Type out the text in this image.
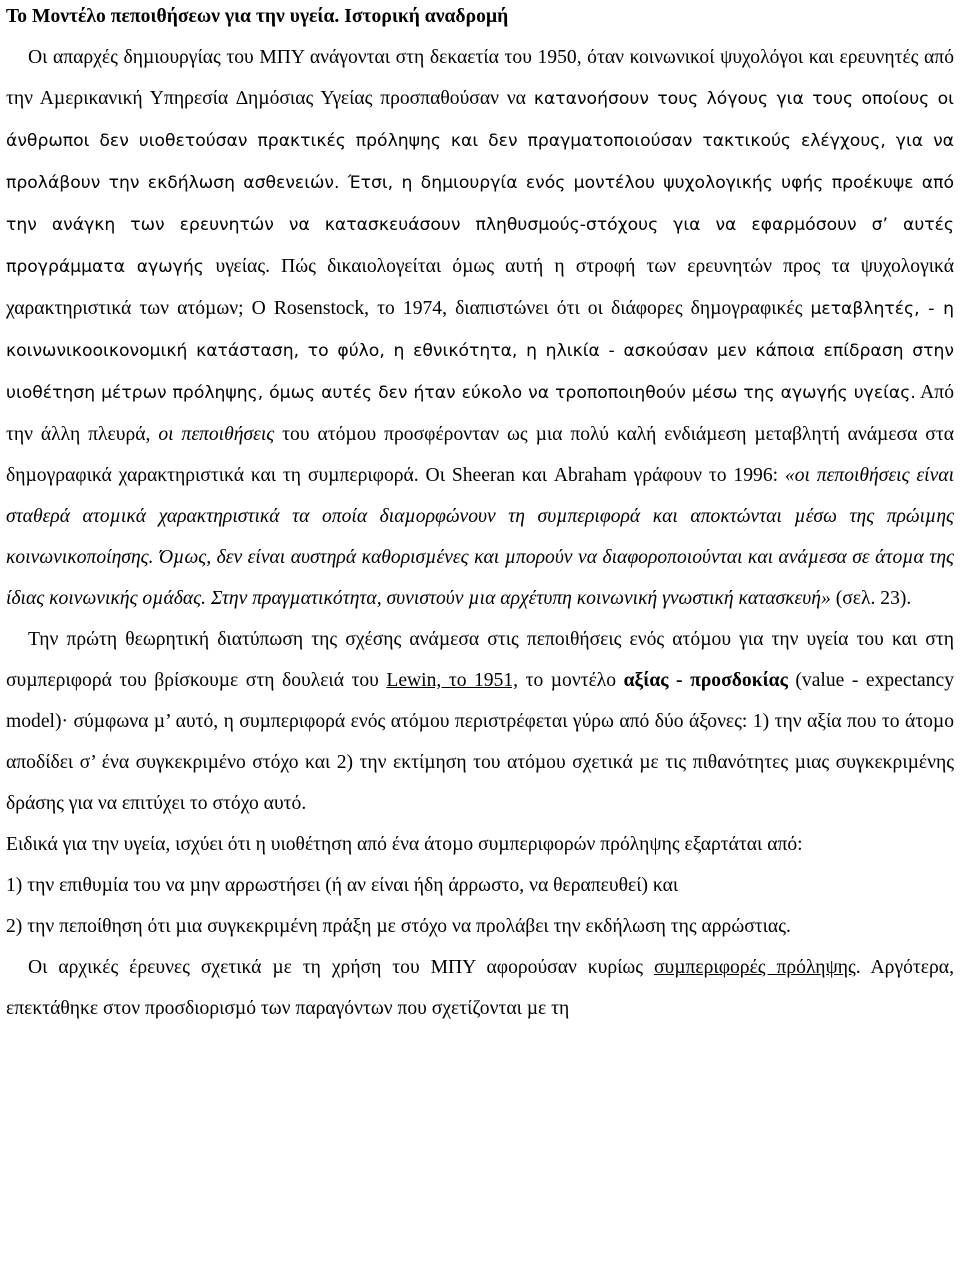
Το Μοντέλο πεποιθήσεων για την υγεία. Ιστορική αναδροµή

Οι απαρχές δηµιουργίας του ΜΠΥ ανάγονται στη δεκαετία του 1950, όταν κοινωνικοί ψυχολόγοι και ερευνητές από την Αµερικανική Υπηρεσία ∆ηµόσιας Υγείας προσπαθούσαν να κατανοήσουν τους λόγους για τους οποίους οι άνθρωποι δεν υιοθετούσαν πρακτικές πρόληψης και δεν πραγµατοποιούσαν τακτικούς ελέγχους, για να προλάβουν την εκδήλωση ασθενειών. Έτσι, η δηµιουργία ενός µοντέλου ψυχολογικής υφής προέκυψε από την ανάγκη των ερευνητών να κατασκευάσουν πληθυσµούς-στόχους για να εφαρµόσουν σ’ αυτές προγράµµατα αγωγής υγείας. Πώς δικαιολογείται όµως αυτή η στροφή των ερευνητών προς τα ψυχολογικά χαρακτηριστικά των ατόµων; Ο Rosenstock, το 1974, διαπιστώνει ότι οι διάφορες δηµογραφικές µεταβλητές, - η κοινωνικοοικονοµική κατάσταση, το φύλο, η εθνικότητα, η ηλικία - ασκούσαν µεν κάποια επίδραση στην υιοθέτηση µέτρων πρόληψης, όµως αυτές δεν ήταν εύκολο να τροποποιηθούν µέσω της αγωγής υγείας. Από την άλλη πλευρά, οι πεποιθήσεις του ατόµου προσφέρονταν ως µια πολύ καλή ενδιάµεση µεταβλητή ανάµεσα στα δηµογραφικά χαρακτηριστικά και τη συµπεριφορά. Οι Sheeran και Abraham γράφουν το 1996: «οι πεποιθήσεις είναι σταθερά ατοµικά χαρακτηριστικά τα οποία διαµορφώνουν τη συµπεριφορά και αποκτώνται µέσω της πρώιµης κοινωνικοποίησης. Όµως, δεν είναι αυστηρά καθορισµένες και µπορούν να διαφοροποιούνται και ανάµεσα σε άτοµα της ίδιας κοινωνικής οµάδας. Στην πραγµατικότητα, συνιστούν µια αρχέτυπη κοινωνική γνωστική κατασκευή» (σελ. 23).

Την πρώτη θεωρητική διατύπωση της σχέσης ανάµεσα στις πεποιθήσεις ενός ατόµου για την υγεία του και στη συµπεριφορά του βρίσκουµε στη δουλειά του Lewin, το 1951, το µοντέλο αξίας - προσδοκίας (value - expectancy model)· σύµφωνα µ’ αυτό, η συµπεριφορά ενός ατόµου περιστρέφεται γύρω από δύο άξονες: 1) την αξία που το άτοµο αποδίδει σ’ ένα συγκεκριµένο στόχο και 2) την εκτίµηση του ατόµου σχετικά µε τις πιθανότητες µιας συγκεκριµένης δράσης για να επιτύχει το στόχο αυτό.

Ειδικά για την υγεία, ισχύει ότι η υιοθέτηση από ένα άτοµο συµπεριφορών πρόληψης εξαρτάται από:

1) την επιθυµία του να µην αρρωστήσει (ή αν είναι ήδη άρρωστο, να θεραπευθεί) και

2) την πεποίθηση ότι µια συγκεκριµένη πράξη µε στόχο να προλάβει την εκδήλωση της αρρώστιας.

Οι αρχικές έρευνες σχετικά µε τη χρήση του ΜΠΥ αφορούσαν κυρίως συµπεριφορές πρόληψης. Αργότερα, επεκτάθηκε στον προσδιορισµό των παραγόντων που σχετίζονται µε τη
